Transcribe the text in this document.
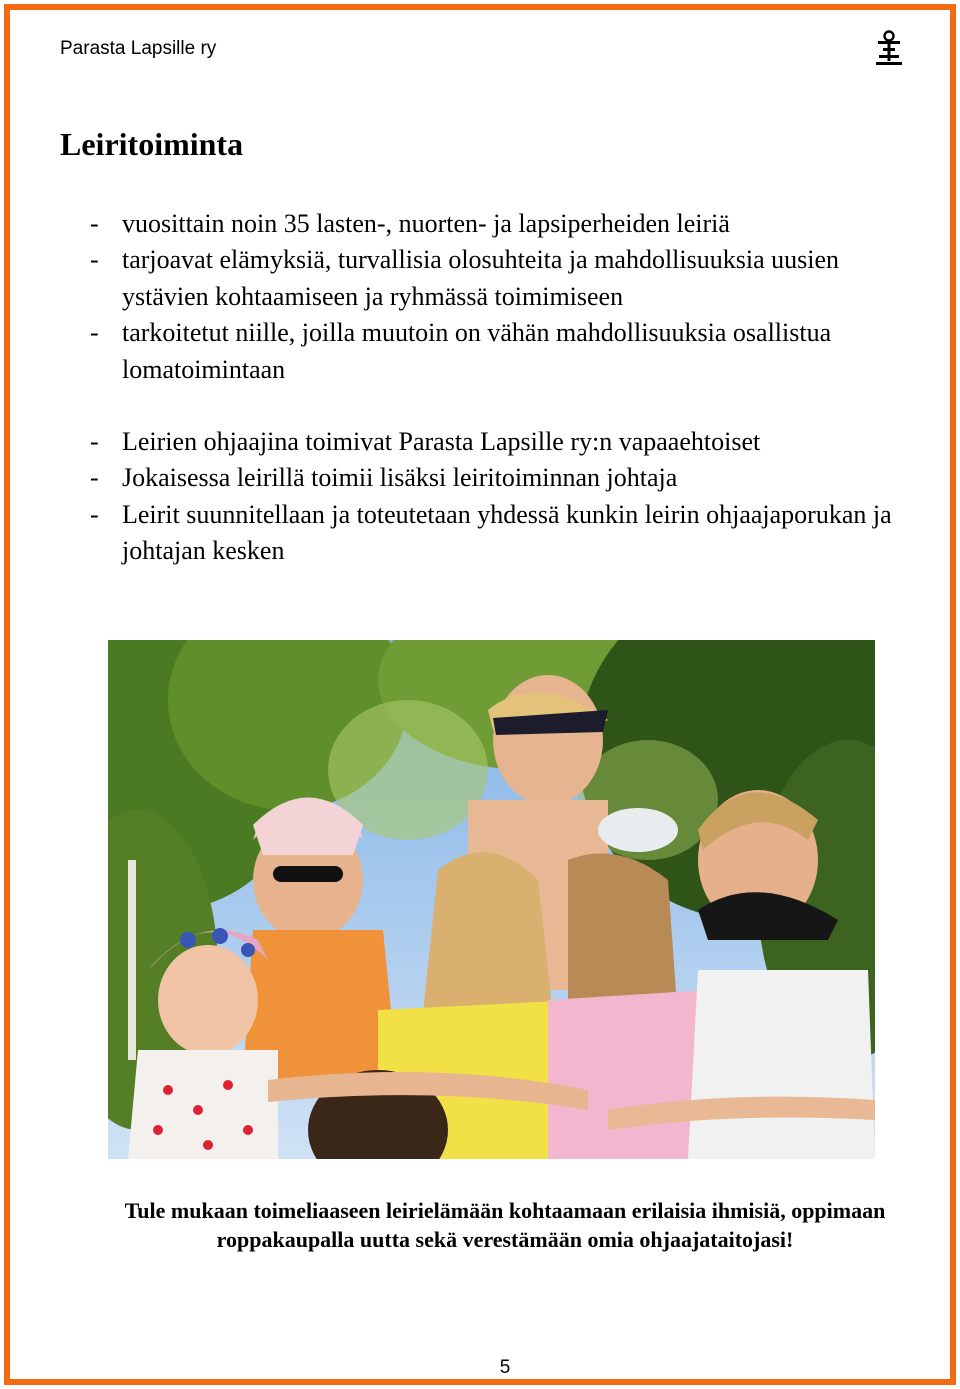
Parasta Lapsille ry
Leiritoiminta
- vuosittain noin 35 lasten-, nuorten- ja lapsiperheiden leiriä
- tarjoavat elämyksiä, turvallisia olosuhteita ja mahdollisuuksia uusien ystävien kohtaamiseen ja ryhmässä toimimiseen
- tarkoitetut niille, joilla muutoin on vähän mahdollisuuksia osallistua lomatoimintaan
- Leirien ohjaajina toimivat Parasta Lapsille ry:n vapaaehtoiset
- Jokaisessa leirillä toimii lisäksi leiritoiminnan johtaja
- Leirit suunnitellaan ja toteutetaan yhdessä kunkin leirin ohjaajaporukan ja johtajan kesken
Tule mukaan toimeliaaseen leirielämään kohtaamaan erilaisia ihmisiä, oppimaan roppakaupalla uutta sekä verestämään omia ohjaajataitojasi!
5
